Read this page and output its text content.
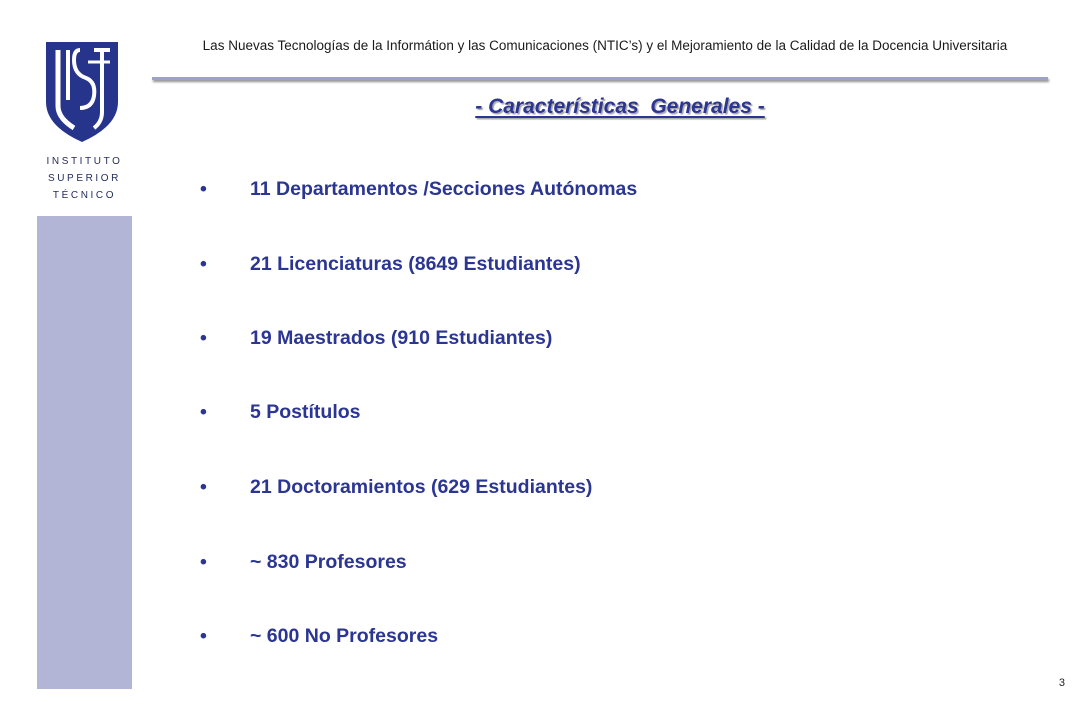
INSTITUTO
SUPERIOR
TÉCNICO
Las Nuevas Tecnologías de la Informátion y las Comunicaciones (NTIC’s) y el Mejoramiento de la Calidad de la Docencia Universitaria
- Características  Generales -
• 11 Departamentos /Secciones Autónomas
• 21 Licenciaturas (8649 Estudiantes)
• 19 Maestrados (910 Estudiantes)
• 5 Postítulos
• 21 Doctoramientos (629 Estudiantes)
• ~ 830 Profesores
• ~ 600 No Profesores
3
